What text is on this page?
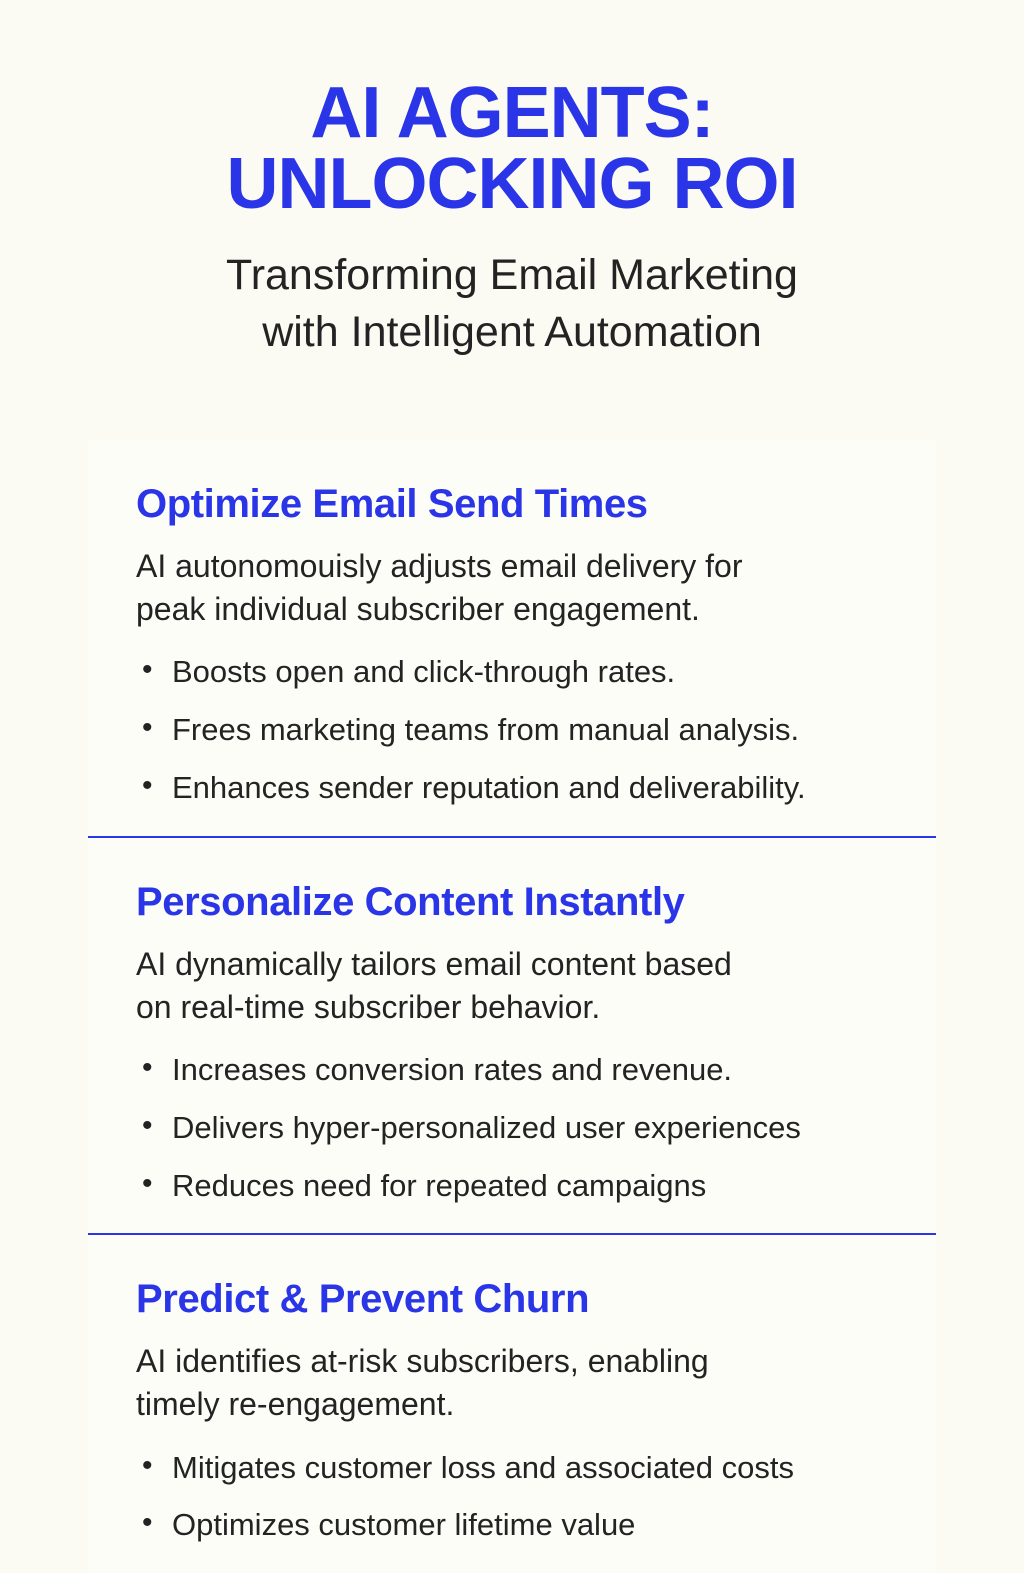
AI AGENTS:
UNLOCKING ROI
Transforming Email Marketing
with Intelligent Automation
Optimize Email Send Times
AI autonomouisly adjusts email delivery for
peak individual subscriber engagement.
• Boosts open and click-through rates.
• Frees marketing teams from manual analysis.
• Enhances sender reputation and deliverability.
Personalize Content Instantly
AI dynamically tailors email content based
on real-time subscriber behavior.
• Increases conversion rates and revenue.
• Delivers hyper-personalized user experiences
• Reduces need for repeated campaigns
Predict & Prevent Churn
AI identifies at-risk subscribers, enabling
timely re-engagement.
• Mitigates customer loss and associated costs
• Optimizes customer lifetime value
